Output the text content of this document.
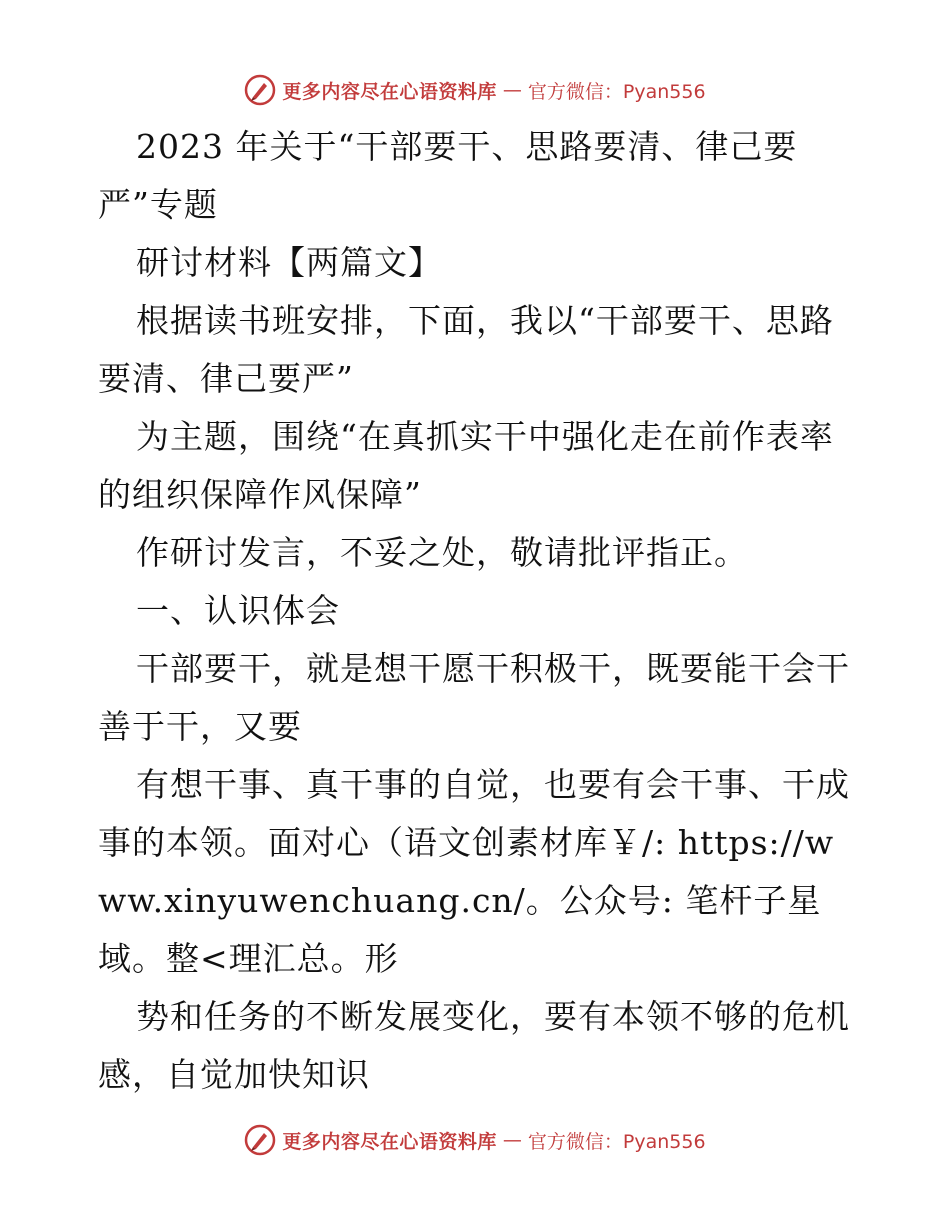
更多内容尽在心语资料库 — 官方微信：Pyan556

2023 年关于“干部要干、思路要清、律己要严”专题

研讨材料【两篇文】

根据读书班安排，下面，我以“干部要干、思路要清、律己要严”

为主题，围绕“在真抓实干中强化走在前作表率的组织保障作风保障”

作研讨发言，不妥之处，敬请批评指正。

一、认识体会

干部要干，就是想干愿干积极干，既要能干会干善于干，又要

有想干事、真干事的自觉，也要有会干事、干成事的本领。面对心（语文创素材库￥/: https://www.xinyuwenchuang.cn/。公众号: 笔杆子星域。整<理汇总。形

势和任务的不断发展变化，要有本领不够的危机感，自觉加快知识

更多内容尽在心语资料库 — 官方微信：Pyan556
